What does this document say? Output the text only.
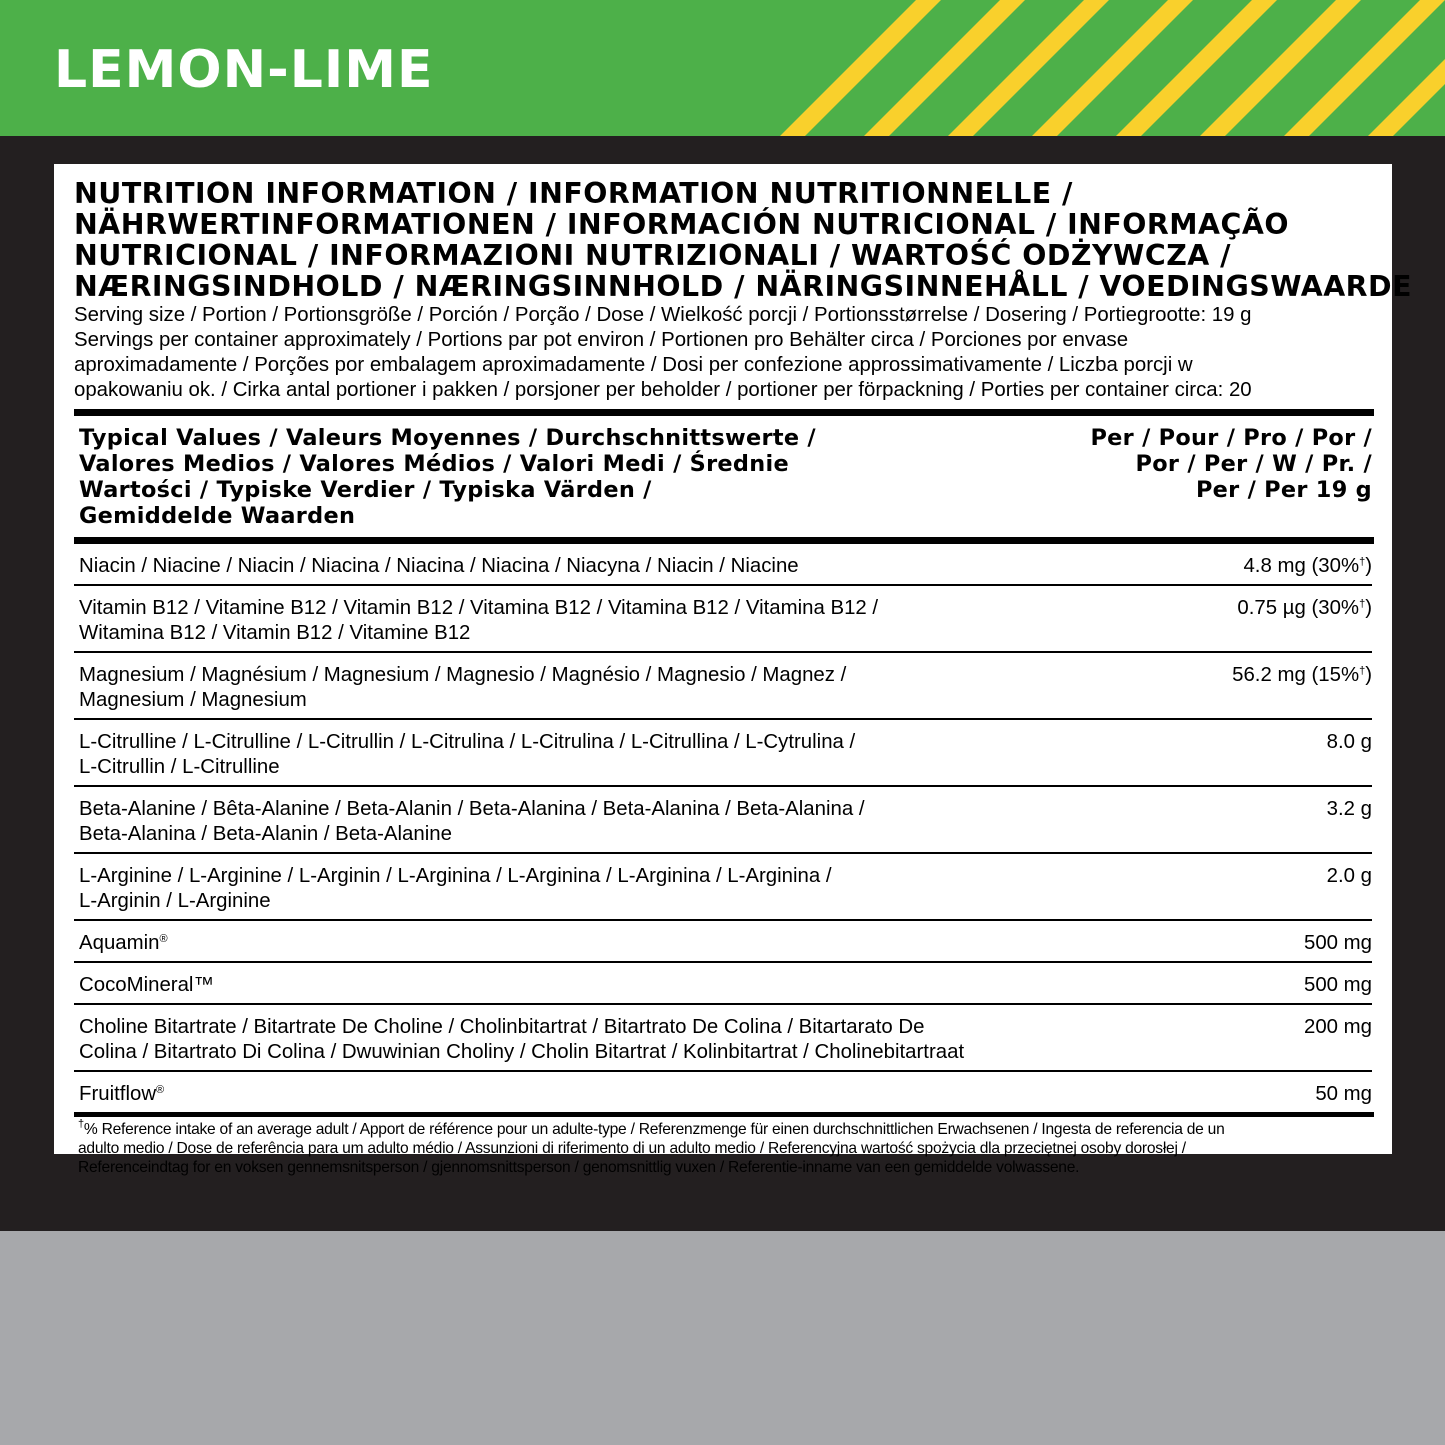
LEMON-LIME
NUTRITION INFORMATION / INFORMATION NUTRITIONNELLE /
NÄHRWERTINFORMATIONEN / INFORMACIÓN NUTRICIONAL / INFORMAÇÃO
NUTRICIONAL / INFORMAZIONI NUTRIZIONALI / WARTOŚĆ ODŻYWCZA /
NÆRINGSINDHOLD / NÆRINGSINNHOLD / NÄRINGSINNEHÅLL / VOEDINGSWAARDE
Serving size / Portion / Portionsgröße / Porción / Porção / Dose / Wielkość porcji / Portionsstørrelse / Dosering / Portiegrootte: 19 g
Servings per container approximately / Portions par pot environ / Portionen pro Behälter circa / Porciones por envase
aproximadamente / Porções por embalagem aproximadamente / Dosi per confezione approssimativamente / Liczba porcji w
opakowaniu ok. / Cirka antal portioner i pakken / porsjoner per beholder / portioner per förpackning / Porties per container circa: 20
Typical Values / Valeurs Moyennes / Durchschnittswerte /
Valores Medios / Valores Médios / Valori Medi / Średnie
Wartości / Typiske Verdier / Typiska Värden /
Gemiddelde Waarden
Per / Pour / Pro / Por /
Por / Per / W / Pr. /
Per / Per 19 g
Niacin / Niacine / Niacin / Niacina / Niacina / Niacina / Niacyna / Niacin / Niacine	4.8 mg (30%†)
Vitamin B12 / Vitamine B12 / Vitamin B12 / Vitamina B12 / Vitamina B12 / Vitamina B12 /
Witamina B12 / Vitamin B12 / Vitamine B12
0.75 µg (30%†)
Magnesium / Magnésium / Magnesium / Magnesio / Magnésio / Magnesio / Magnez /
Magnesium / Magnesium
56.2 mg (15%†)
L-Citrulline / L-Citrulline / L-Citrullin / L-Citrulina / L-Citrulina / L-Citrullina / L-Cytrulina /
L-Citrullin / L-Citrulline
8.0 g
Beta-Alanine / Bêta-Alanine / Beta-Alanin / Beta-Alanina / Beta-Alanina / Beta-Alanina /
Beta-Alanina / Beta-Alanin / Beta-Alanine
3.2 g
L-Arginine / L-Arginine / L-Arginin / L-Arginina / L-Arginina / L-Arginina / L-Arginina /
L-Arginin / L-Arginine
2.0 g
Aquamin®	500 mg
CocoMineral™	500 mg
Choline Bitartrate / Bitartrate De Choline / Cholinbitartrat / Bitartrato De Colina / Bitartarato De
Colina / Bitartrato Di Colina / Dwuwinian Choliny / Cholin Bitartrat / Kolinbitartrat / Cholinebitartraat
200 mg
Fruitflow®	50 mg
†% Reference intake of an average adult / Apport de référence pour un adulte-type / Referenzmenge für einen durchschnittlichen Erwachsenen / Ingesta de referencia de un
adulto medio / Dose de referência para um adulto médio / Assunzioni di riferimento di un adulto medio / Referencyjna wartość spożycia dla przeciętnej osoby dorosłej /
Referenceindtag for en voksen gennemsnitsperson / gjennomsnittsperson / genomsnittlig vuxen / Referentie-inname van een gemiddelde volwassene.
